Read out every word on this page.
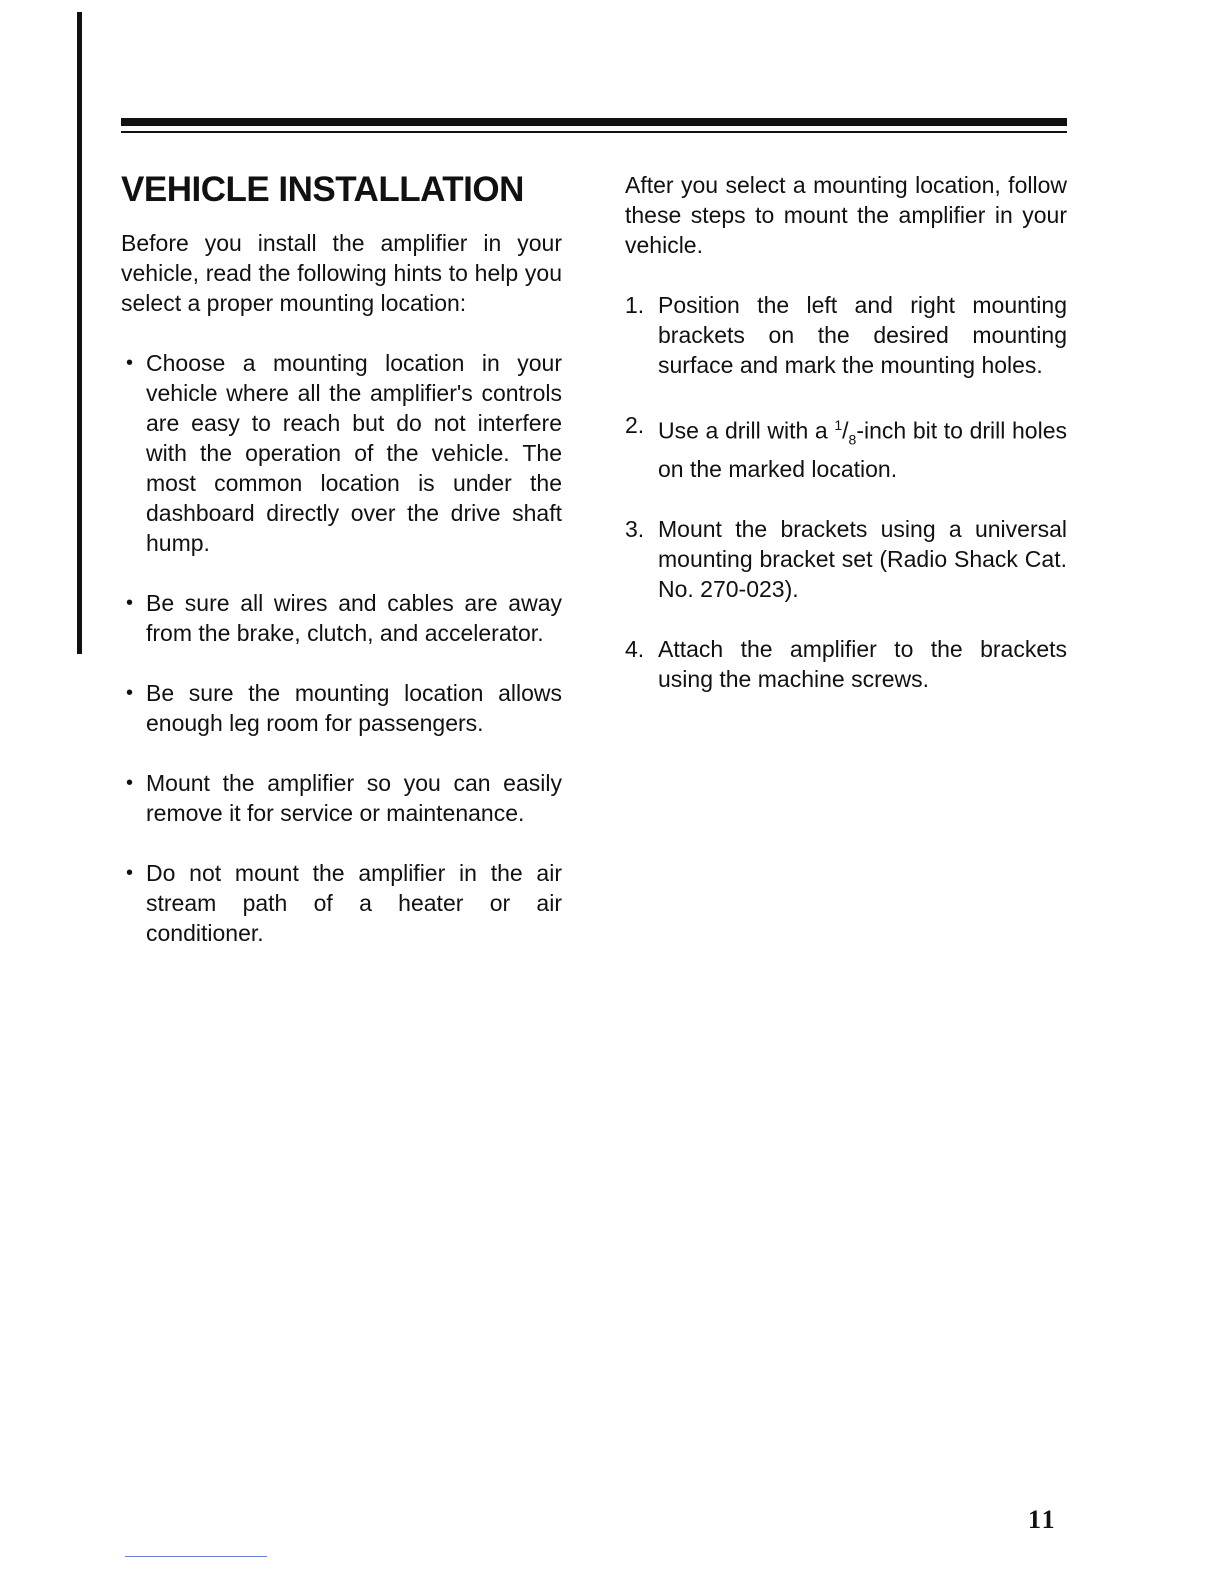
VEHICLE INSTALLATION

Before you install the amplifier in your vehicle, read the following hints to help you select a proper mounting location:

• Choose a mounting location in your vehicle where all the amplifier's controls are easy to reach but do not interfere with the operation of the vehicle. The most common location is under the dashboard directly over the drive shaft hump.
• Be sure all wires and cables are away from the brake, clutch, and accelerator.
• Be sure the mounting location allows enough leg room for passengers.
• Mount the amplifier so you can easily remove it for service or maintenance.
• Do not mount the amplifier in the air stream path of a heater or air conditioner.

After you select a mounting location, follow these steps to mount the amplifier in your vehicle.

1. Position the left and right mounting brackets on the desired mounting surface and mark the mounting holes.
2. Use a drill with a $^1/_8$-inch bit to drill holes on the marked location.
3. Mount the brackets using a universal mounting bracket set (Radio Shack Cat. No. 270-023).
4. Attach the amplifier to the brackets using the machine screws.
11
